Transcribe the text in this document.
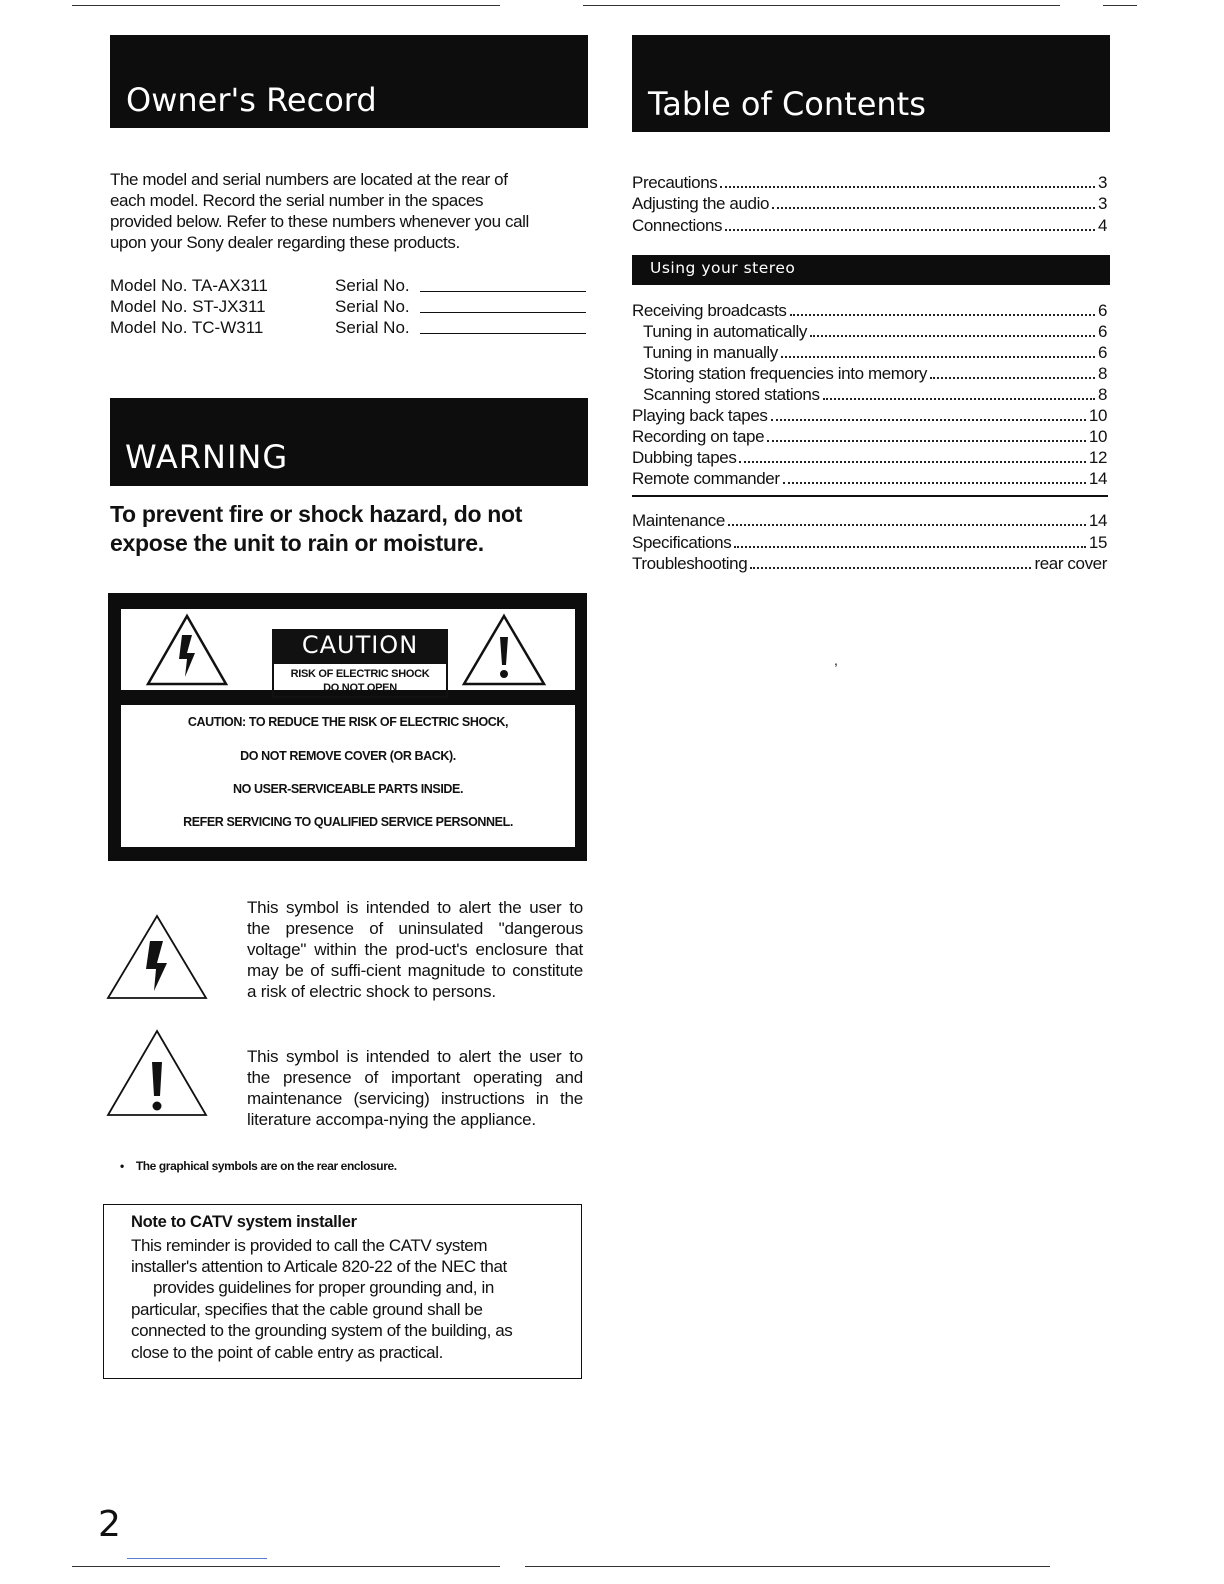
Owner's Record
The model and serial numbers are located at the rear of
each model. Record the serial number in the spaces
provided below. Refer to these numbers whenever you call
upon your Sony dealer regarding these products.
Model No. TA-AX311	Serial No.
Model No. ST-JX311	Serial No.
Model No. TC-W311	Serial No.
WARNING
To prevent fire or shock hazard, do not
expose the unit to rain or moisture.
CAUTION
RISK OF ELECTRIC SHOCK
DO NOT OPEN
CAUTION: TO REDUCE THE RISK OF ELECTRIC SHOCK,
DO NOT REMOVE COVER (OR BACK).
NO USER-SERVICEABLE PARTS INSIDE.
REFER SERVICING TO QUALIFIED SERVICE PERSONNEL.
This symbol is intended to alert the user to the presence of uninsulated "dangerous voltage" within the prod-uct's enclosure that may be of suffi-cient magnitude to constitute a risk of electric shock to persons.
This symbol is intended to alert the user to the presence of important operating and maintenance (servicing) instructions in the literature accompa-nying the appliance.
• The graphical symbols are on the rear enclosure.
Note to CATV system installer
This reminder is provided to call the CATV system
installer's attention to Articale 820-22 of the NEC that
provides guidelines for proper grounding and, in
particular, specifies that the cable ground shall be
connected to the grounding system of the building, as
close to the point of cable entry as practical.
Table of Contents
Precautions	3
Adjusting the audio	3
Connections	4
Using your stereo
Receiving broadcasts	6
Tuning in automatically	6
Tuning in manually	6
Storing station frequencies into memory	8
Scanning stored stations	8
Playing back tapes	10
Recording on tape	10
Dubbing tapes	12
Remote commander	14
Maintenance	14
Specifications	15
Troubleshooting	rear cover
,
2
